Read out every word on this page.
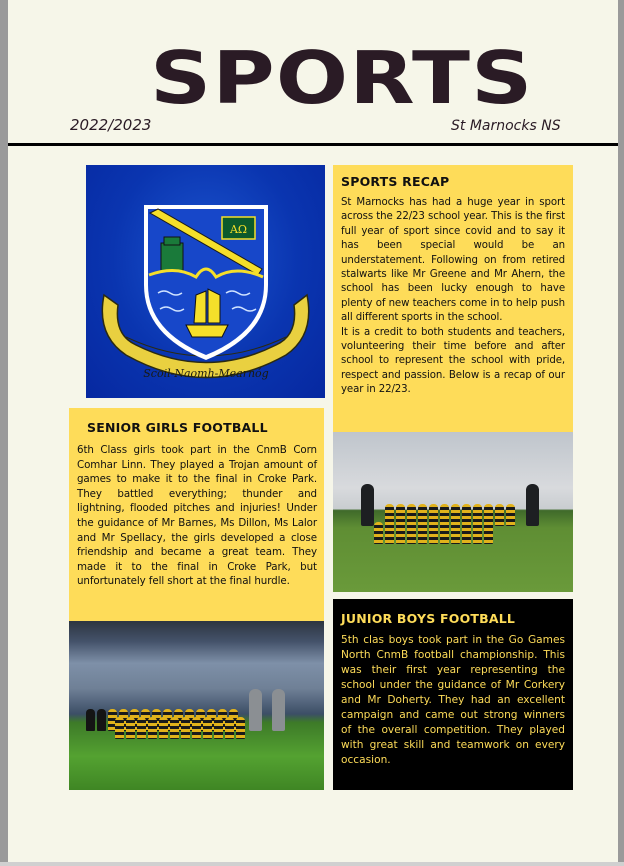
SPORTS
2022/2023	St Marnocks NS
AΩ
Scoil-Naomh-Mearnóg
SPORTS RECAP

St Marnocks has had a huge year in sport across the 22/23 school year. This is the first full year of sport since covid and to say it has been special would be an understatement. Following on from retired stalwarts like Mr Greene and Mr Ahern, the school has been lucky enough to have plenty of new teachers come in to help push all different sports in the school.

It is a credit to both students and teachers, volunteering their time before and after school to represent the school with pride, respect and passion. Below is a recap of our year in 22/23.

SENIOR GIRLS FOOTBALL

6th Class girls took part in the CnmB Corn Comhar Linn. They played a Trojan amount of games to make it to the final in Croke Park. They battled everything; thunder and lightning, flooded pitches and injuries! Under the guidance of Mr Barnes, Ms Dillon, Ms Lalor and Mr Spellacy, the girls developed a close friendship and became a great team. They made it to the final in Croke Park, but unfortunately fell short at the final hurdle.

JUNIOR BOYS FOOTBALL

5th clas boys took part in the Go Games North CnmB football championship. This was their first year representing the school under the guidance of Mr Corkery and Mr Doherty. They had an excellent campaign and came out strong winners of the overall competition. They played with great skill and teamwork on every occasion.
